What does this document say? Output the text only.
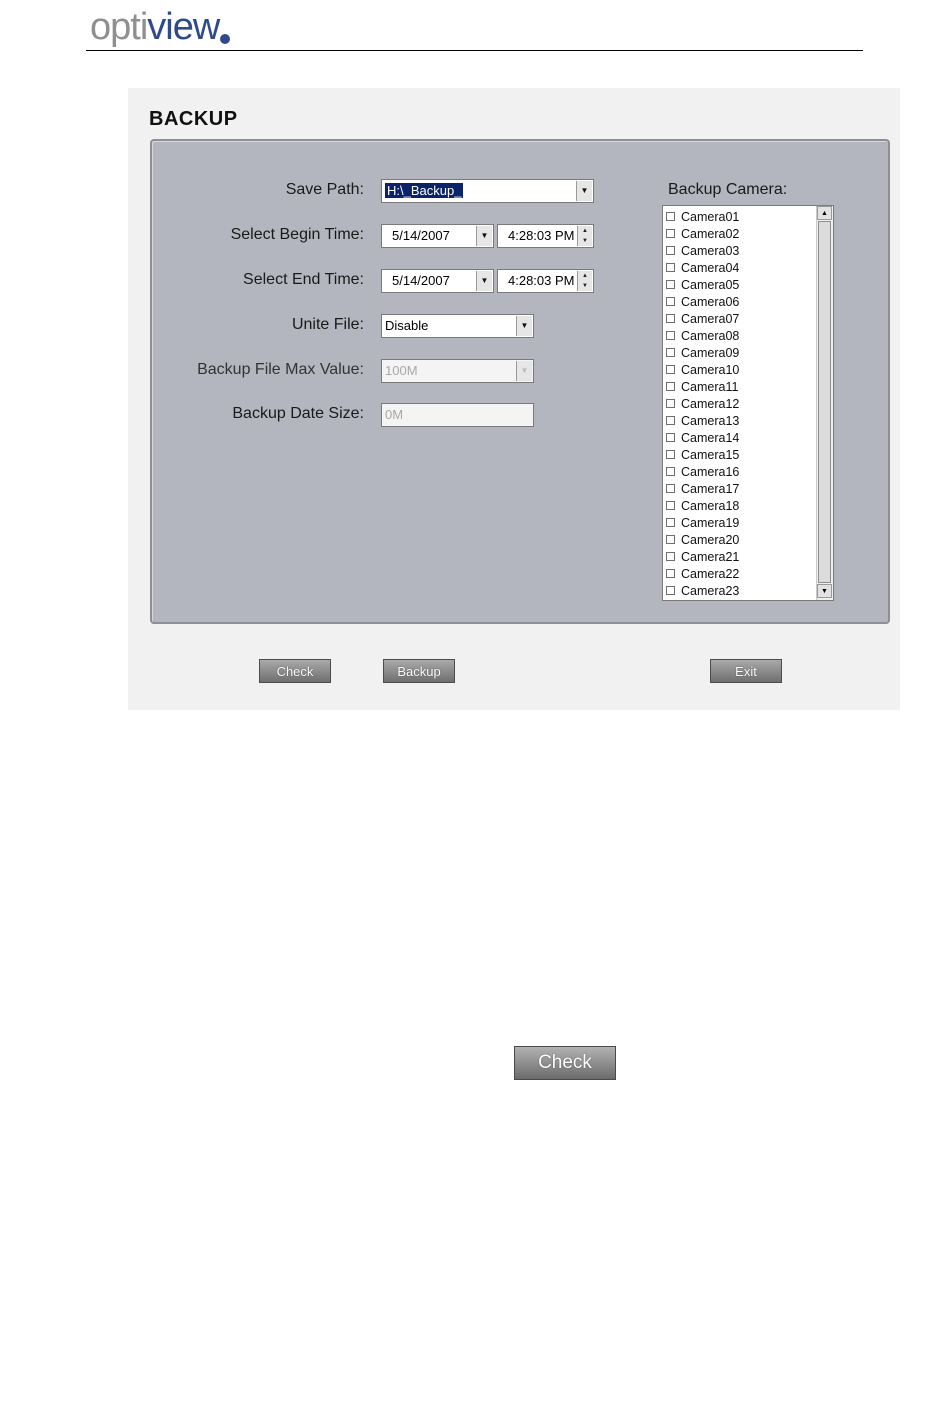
opti view
BACKUP
Save Path:	H:\_Backup_	▼
Select Begin Time:	5/14/2007	▼	4:28:03 PM	▲
▼
Select End Time:	5/14/2007	▼	4:28:03 PM	▲
▼
Unite File:	Disable	▼
Backup File Max Value:	100M	▼
Backup Date Size:	0M
Backup Camera:
▲
▼
Camera01
Camera02
Camera03
Camera04
Camera05
Camera06
Camera07
Camera08
Camera09
Camera10
Camera11
Camera12
Camera13
Camera14
Camera15
Camera16
Camera17
Camera18
Camera19
Camera20
Camera21
Camera22
Camera23
Check	Backup	Exit
Check
